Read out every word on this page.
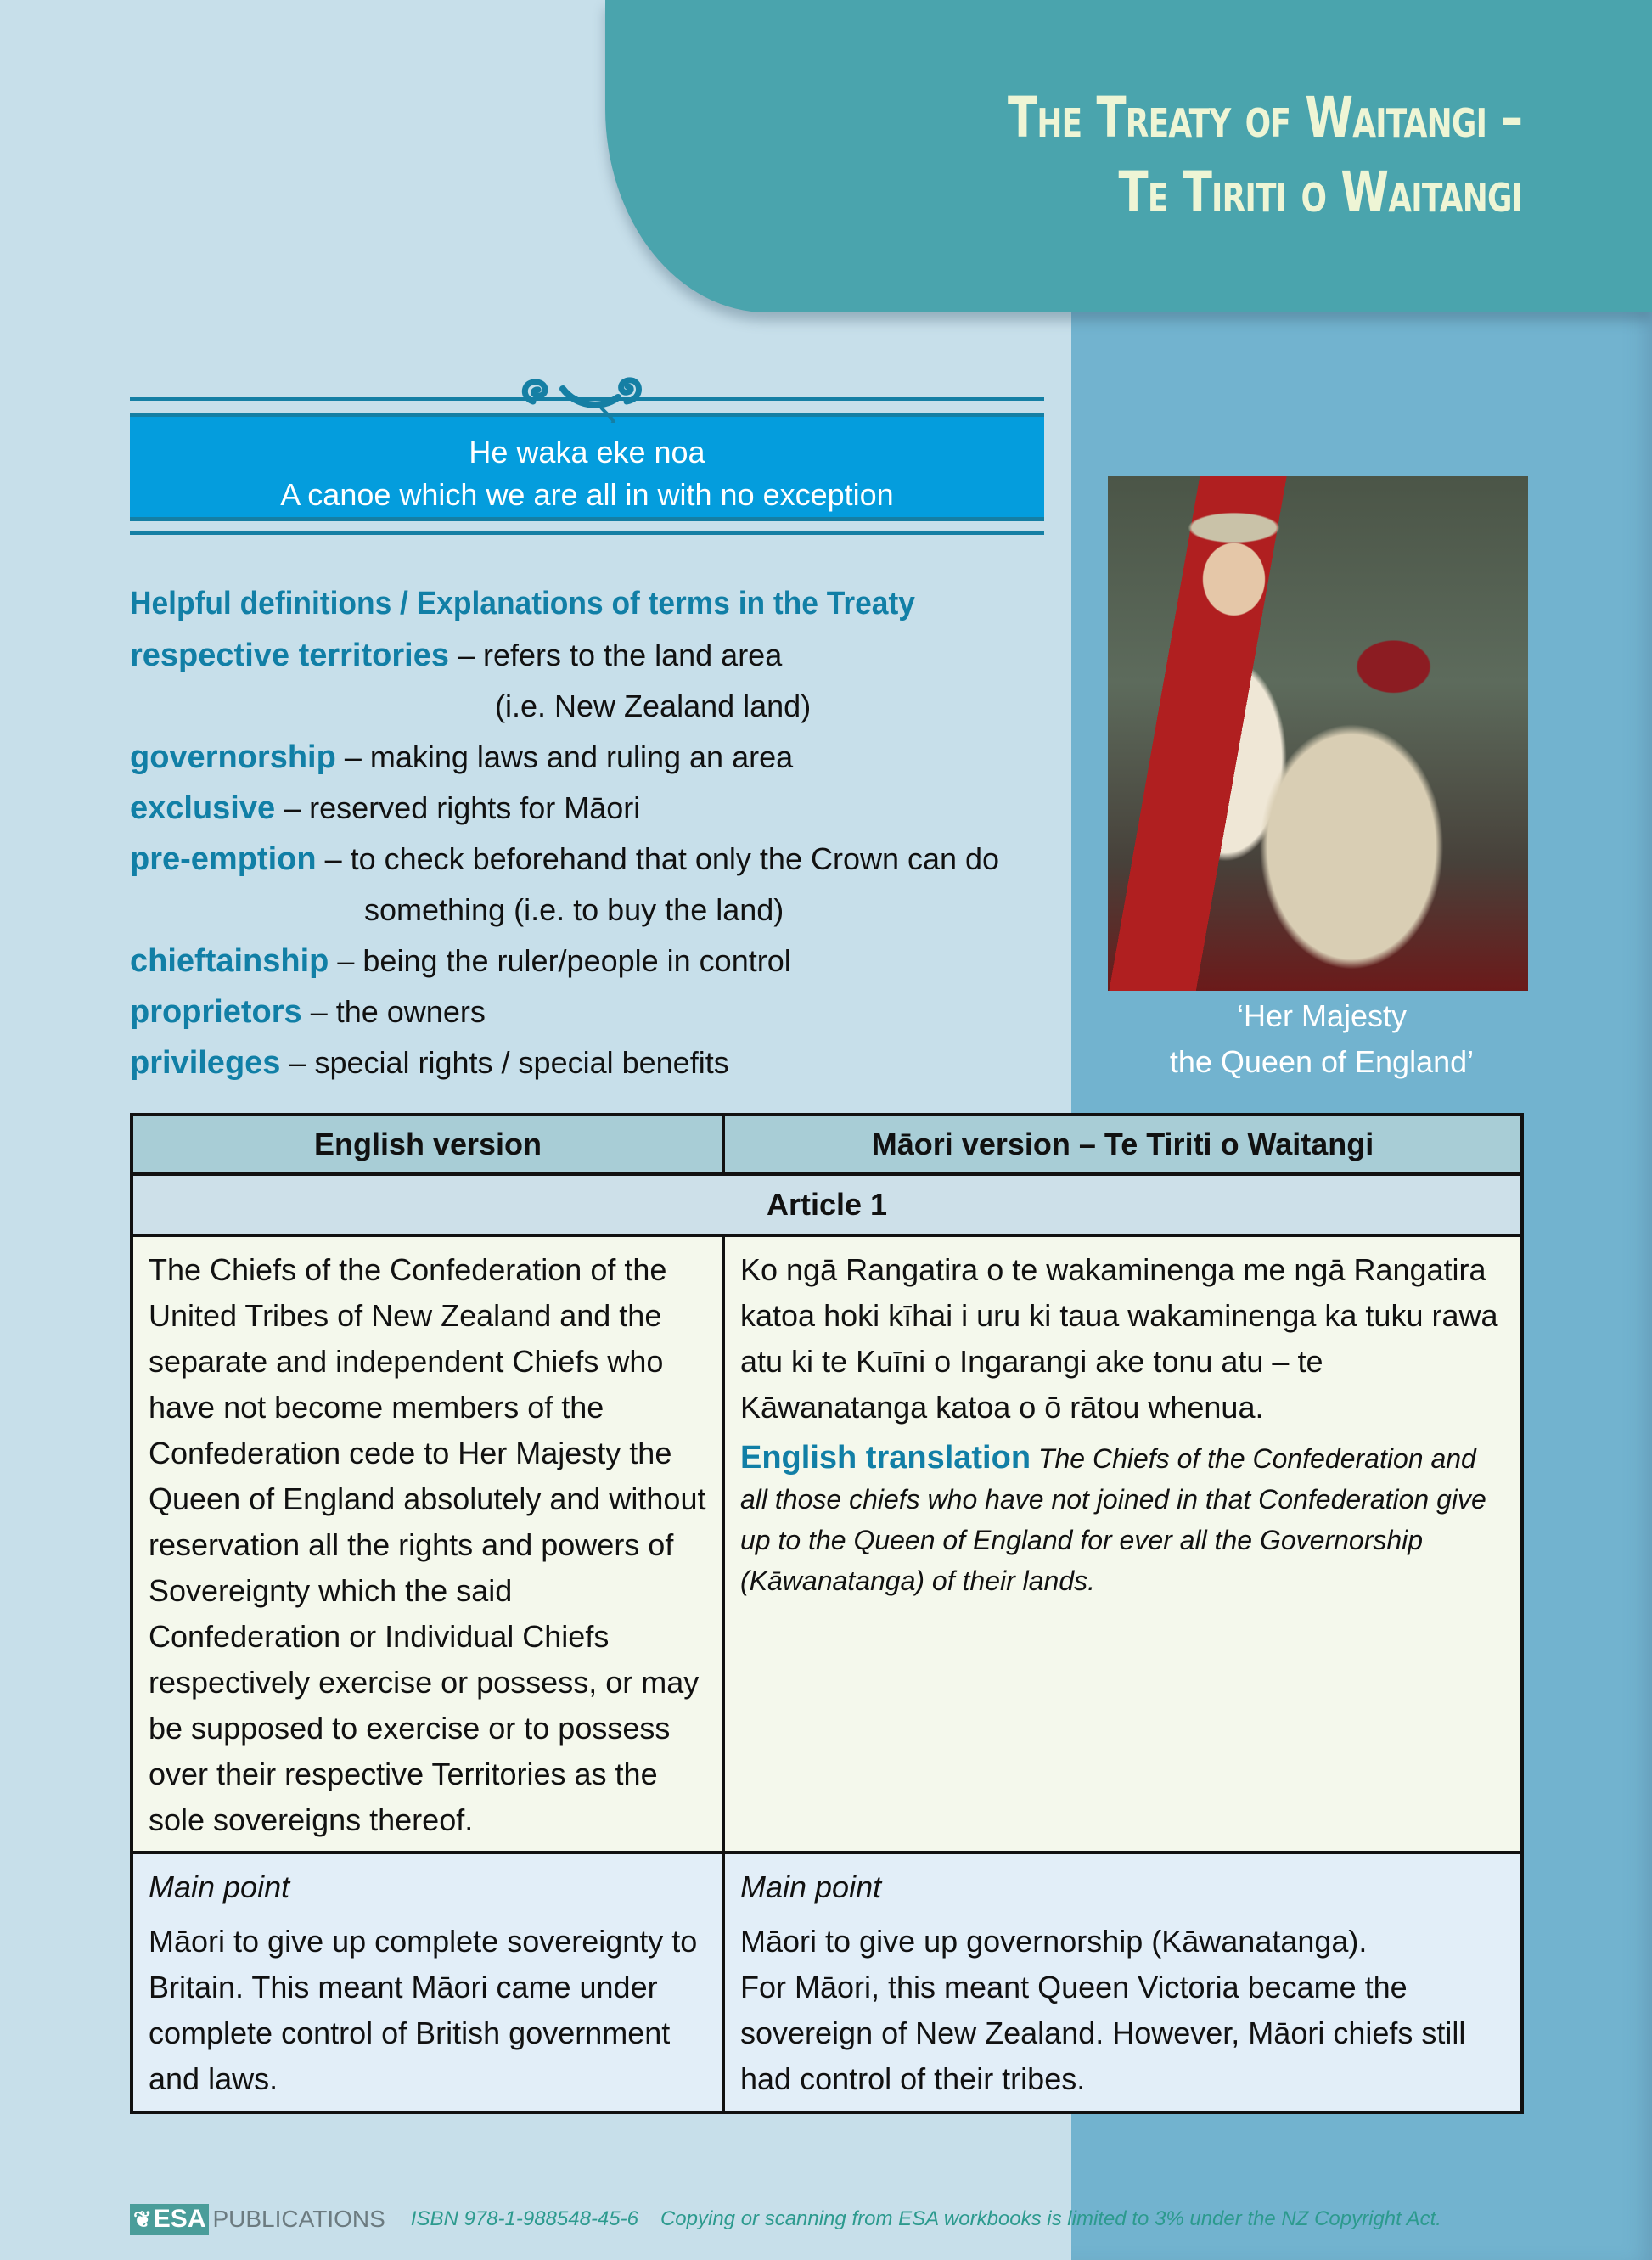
The Treaty of Waitangi –
Te Tiriti o Waitangi
He waka eke noa
A canoe which we are all in with no exception
Helpful definitions / Explanations of terms in the Treaty
respective territories – refers to the land area
(i.e. New Zealand land)
governorship – making laws and ruling an area
exclusive – reserved rights for Māori
pre-emption – to check beforehand that only the Crown can do
something (i.e. to buy the land)
chieftainship – being the ruler/people in control
proprietors – the owners
privileges – special rights / special benefits
‘Her Majesty
the Queen of England’
English version	Māori version – Te Tiriti o Waitangi
Article 1
The Chiefs of the Confederation of the United Tribes of New Zealand and the separate and independent Chiefs who have not become members of the Confederation cede to Her Majesty the Queen of England absolutely and without reservation all the rights and powers of Sovereignty which the said Confederation or Individual Chiefs respectively exercise or possess, or may be supposed to exercise or to possess over their respective Territories as the sole sovereigns thereof.
Ko ngā Rangatira o te wakaminenga me ngā Rangatira katoa hoki kīhai i uru ki taua wakaminenga ka tuku rawa atu ki te Kuīni o Ingarangi ake tonu atu – te Kāwanatanga katoa o ō rātou whenua.
English translation The Chiefs of the Confederation and all those chiefs who have not joined in that Confederation give up to the Queen of England for ever all the Governorship (Kāwanatanga) of their lands.
Main point
Māori to give up complete sovereignty to Britain. This meant Māori came under complete control of British government and laws.
Main point
Māori to give up governorship (Kāwanatanga).
For Māori, this meant Queen Victoria became the sovereign of New Zealand. However, Māori chiefs still had control of their tribes.
❦ ESA PUBLICATIONS ISBN 978-1-988548-45-6 Copying or scanning from ESA workbooks is limited to 3% under the NZ Copyright Act.
